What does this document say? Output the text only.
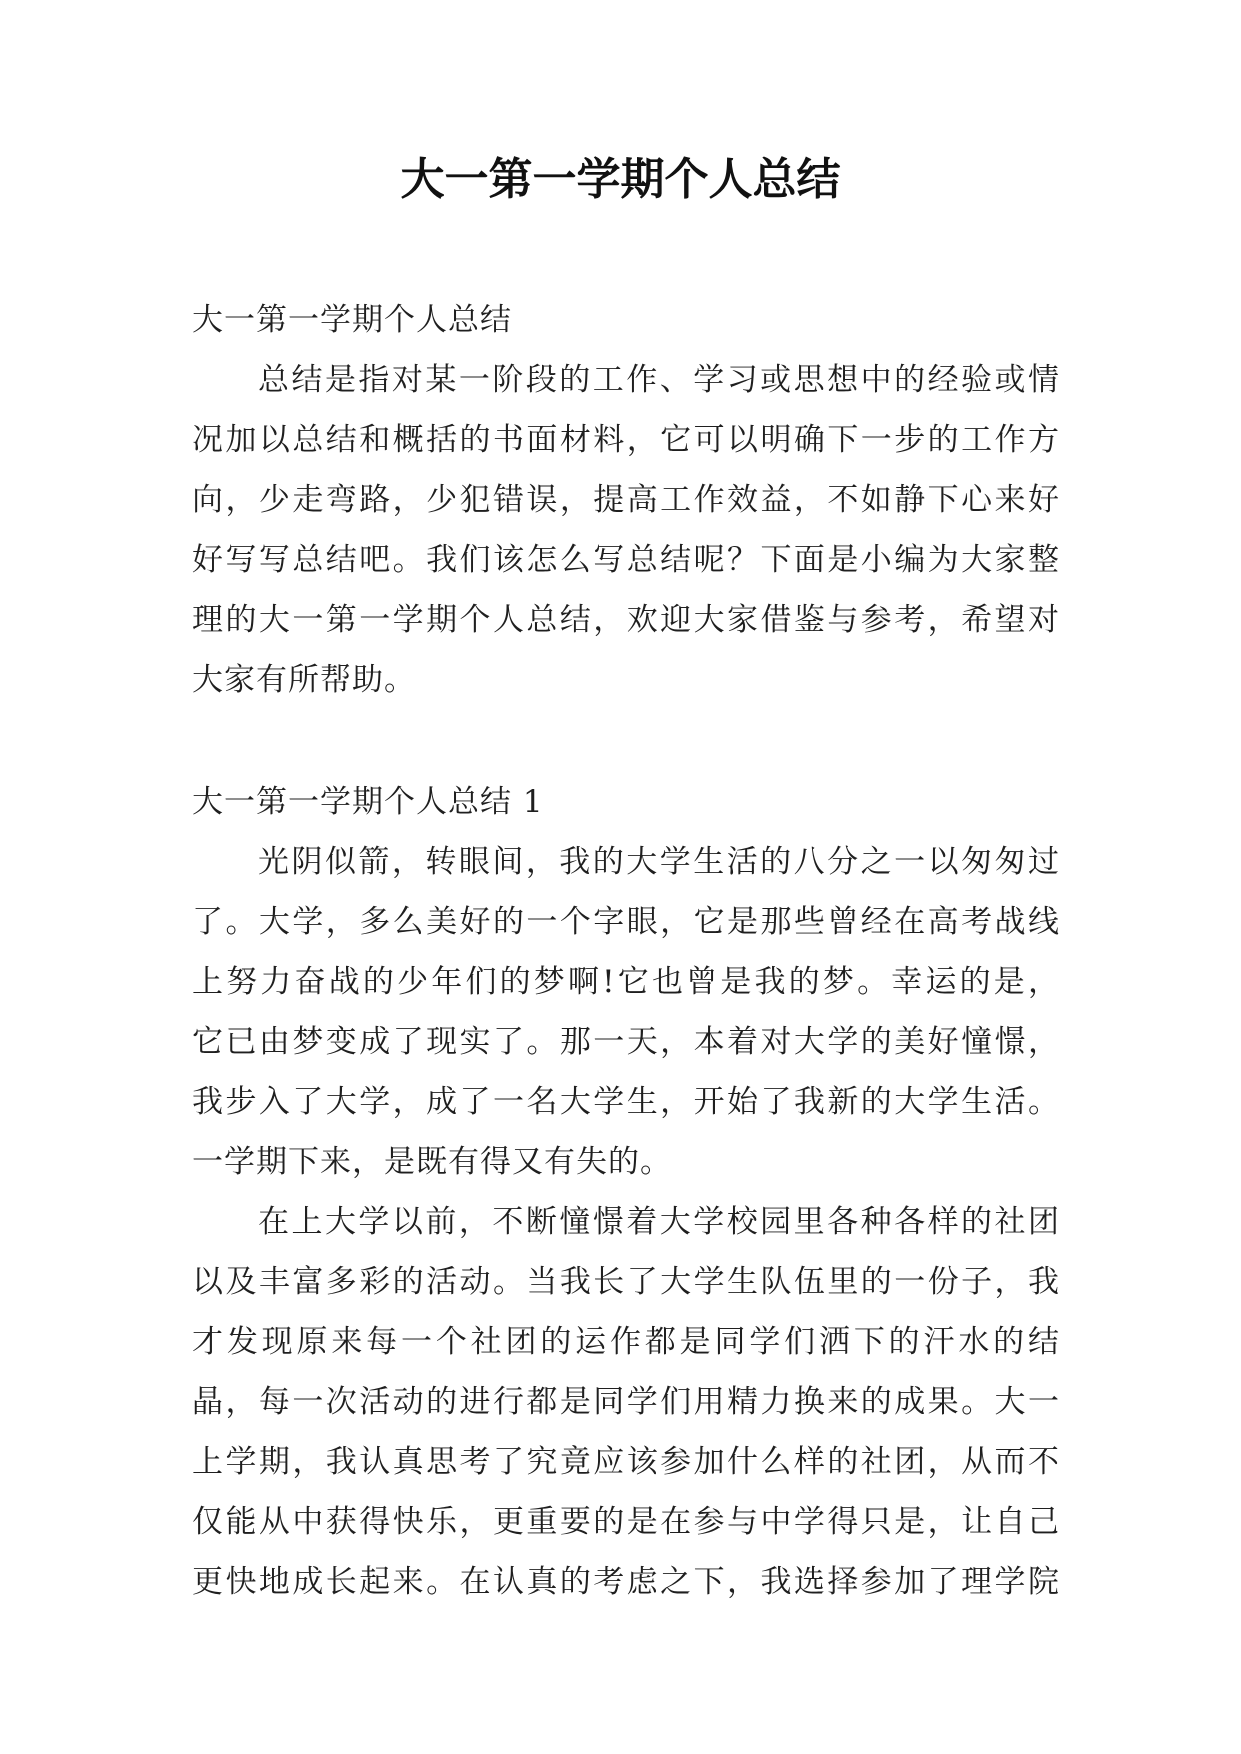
大一第一学期个人总结
大一第一学期个人总结
总结是指对某一阶段的工作、学习或思想中的经验或情
况加以总结和概括的书面材料，它可以明确下一步的工作方
向，少走弯路，少犯错误，提高工作效益，不如静下心来好
好写写总结吧。我们该怎么写总结呢？下面是小编为大家整
理的大一第一学期个人总结，欢迎大家借鉴与参考，希望对
大家有所帮助。
大一第一学期个人总结 1
光阴似箭，转眼间，我的大学生活的八分之一以匆匆过
了。大学，多么美好的一个字眼，它是那些曾经在高考战线
上努力奋战的少年们的梦啊!它也曾是我的梦。幸运的是，
它已由梦变成了现实了。那一天，本着对大学的美好憧憬，
我步入了大学，成了一名大学生，开始了我新的大学生活。
一学期下来，是既有得又有失的。
在上大学以前，不断憧憬着大学校园里各种各样的社团
以及丰富多彩的活动。当我长了大学生队伍里的一份子，我
才发现原来每一个社团的运作都是同学们洒下的汗水的结
晶，每一次活动的进行都是同学们用精力换来的成果。大一
上学期，我认真思考了究竟应该参加什么样的社团，从而不
仅能从中获得快乐，更重要的是在参与中学得只是，让自己
更快地成长起来。在认真的考虑之下，我选择参加了理学院
